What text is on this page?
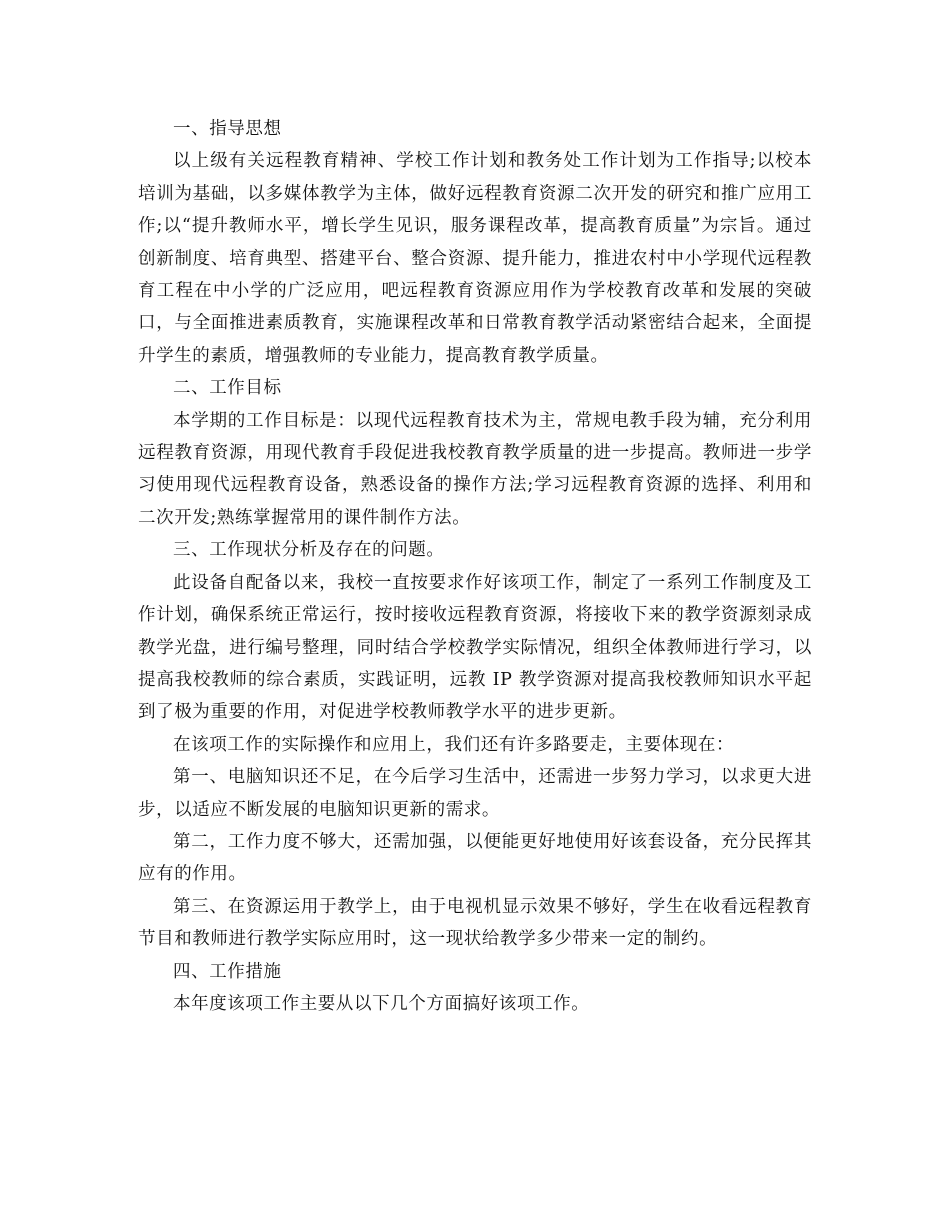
一、指导思想

以上级有关远程教育精神、学校工作计划和教务处工作计划为工作指导;以校本培训为基础，以多媒体教学为主体，做好远程教育资源二次开发的研究和推广应用工作;以“提升教师水平，增长学生见识，服务课程改革，提高教育质量”为宗旨。通过创新制度、培育典型、搭建平台、整合资源、提升能力，推进农村中小学现代远程教育工程在中小学的广泛应用，吧远程教育资源应用作为学校教育改革和发展的突破口，与全面推进素质教育，实施课程改革和日常教育教学活动紧密结合起来，全面提升学生的素质，增强教师的专业能力，提高教育教学质量。

二、工作目标

本学期的工作目标是：以现代远程教育技术为主，常规电教手段为辅，充分利用远程教育资源，用现代教育手段促进我校教育教学质量的进一步提高。教师进一步学习使用现代远程教育设备，熟悉设备的操作方法;学习远程教育资源的选择、利用和二次开发;熟练掌握常用的课件制作方法。

三、工作现状分析及存在的问题。

此设备自配备以来，我校一直按要求作好该项工作，制定了一系列工作制度及工作计划，确保系统正常运行，按时接收远程教育资源，将接收下来的教学资源刻录成教学光盘，进行编号整理，同时结合学校教学实际情况，组织全体教师进行学习，以提高我校教师的综合素质，实践证明，远教 IP 教学资源对提高我校教师知识水平起到了极为重要的作用，对促进学校教师教学水平的进步更新。

在该项工作的实际操作和应用上，我们还有许多路要走，主要体现在：

第一、电脑知识还不足，在今后学习生活中，还需进一步努力学习，以求更大进步，以适应不断发展的电脑知识更新的需求。

第二，工作力度不够大，还需加强，以便能更好地使用好该套设备，充分民挥其应有的作用。

第三、在资源运用于教学上，由于电视机显示效果不够好，学生在收看远程教育节目和教师进行教学实际应用时，这一现状给教学多少带来一定的制约。

四、工作措施

本年度该项工作主要从以下几个方面搞好该项工作。
